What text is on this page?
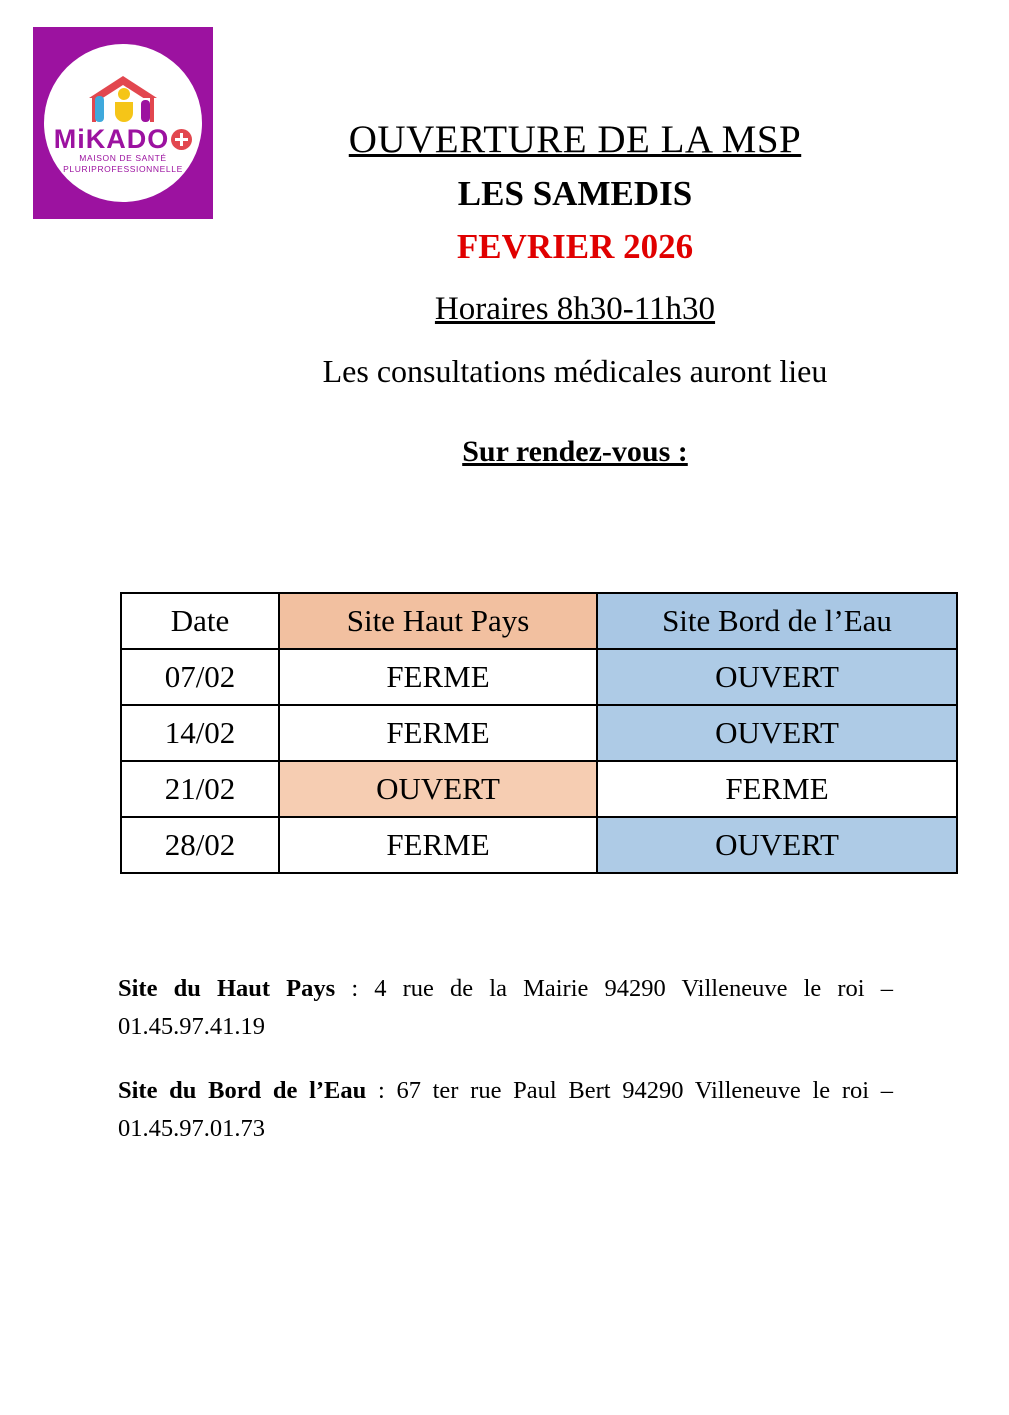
MiKADO
MAISON DE SANTÉ
PLURIPROFESSIONNELLE
OUVERTURE DE LA MSP
LES SAMEDIS
FEVRIER 2026
Horaires 8h30-11h30
Les consultations médicales auront lieu
Sur rendez-vous :
Date	Site Haut Pays	Site Bord de l’Eau
07/02	FERME	OUVERT
14/02	FERME	OUVERT
21/02	OUVERT	FERME
28/02	FERME	OUVERT
Site du Haut Pays : 4 rue de la Mairie 94290 Villeneuve le roi – 01.45.97.41.19
Site du Bord de l’Eau : 67 ter rue Paul Bert 94290 Villeneuve le roi – 01.45.97.01.73
